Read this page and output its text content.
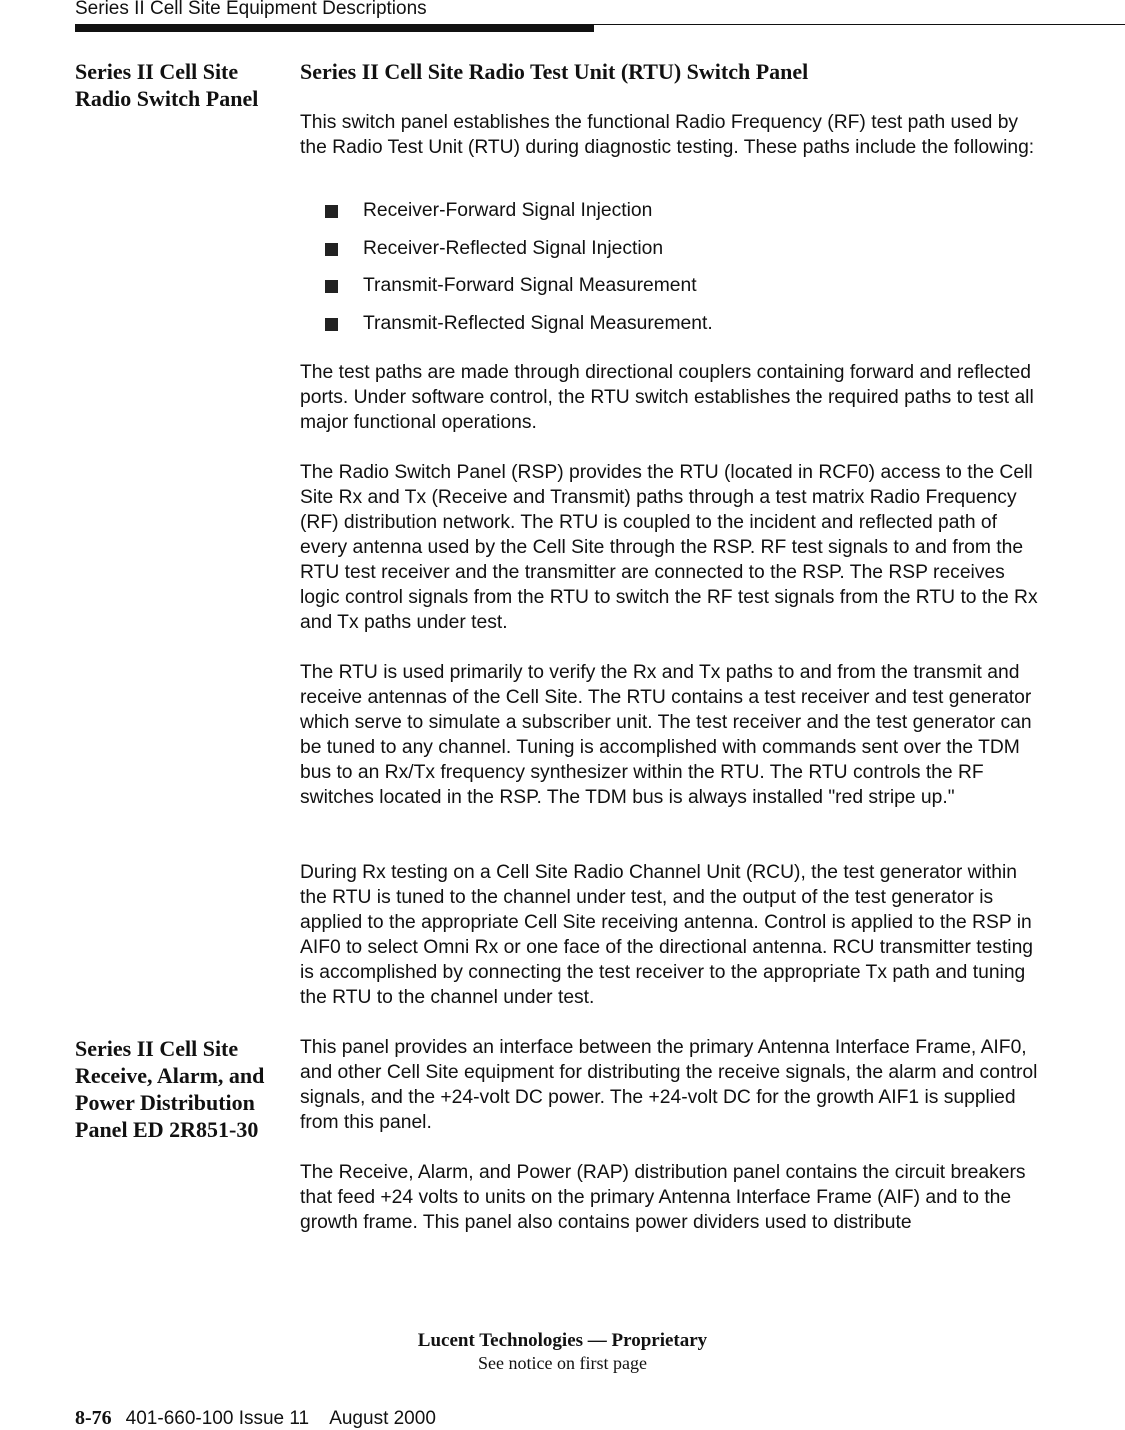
Series II Cell Site Equipment Descriptions
Series II Cell Site Radio Switch Panel
Series II Cell Site Radio Test Unit (RTU) Switch Panel

This switch panel establishes the functional Radio Frequency (RF) test path used by the Radio Test Unit (RTU) during diagnostic testing. These paths include the following:

Receiver-Forward Signal Injection
Receiver-Reflected Signal Injection
Transmit-Forward Signal Measurement
Transmit-Reflected Signal Measurement.

The test paths are made through directional couplers containing forward and reflected ports. Under software control, the RTU switch establishes the required paths to test all major functional operations.

The Radio Switch Panel (RSP) provides the RTU (located in RCF0) access to the Cell Site Rx and Tx (Receive and Transmit) paths through a test matrix Radio Frequency (RF) distribution network. The RTU is coupled to the incident and reflected path of every antenna used by the Cell Site through the RSP. RF test signals to and from the RTU test receiver and the transmitter are connected to the RSP. The RSP receives logic control signals from the RTU to switch the RF test signals from the RTU to the Rx and Tx paths under test.

The RTU is used primarily to verify the Rx and Tx paths to and from the transmit and receive antennas of the Cell Site. The RTU contains a test receiver and test generator which serve to simulate a subscriber unit. The test receiver and the test generator can be tuned to any channel. Tuning is accomplished with commands sent over the TDM bus to an Rx/Tx frequency synthesizer within the RTU. The RTU controls the RF switches located in the RSP. The TDM bus is always installed "red stripe up."

During Rx testing on a Cell Site Radio Channel Unit (RCU), the test generator within the RTU is tuned to the channel under test, and the output of the test generator is applied to the appropriate Cell Site receiving antenna. Control is applied to the RSP in AIF0 to select Omni Rx or one face of the directional antenna. RCU transmitter testing is accomplished by connecting the test receiver to the appropriate Tx path and tuning the RTU to the channel under test.

Series II Cell Site Receive, Alarm, and Power Distribution Panel ED 2R851-30

This panel provides an interface between the primary Antenna Interface Frame, AIF0, and other Cell Site equipment for distributing the receive signals, the alarm and control signals, and the +24-volt DC power. The +24-volt DC for the growth AIF1 is supplied from this panel.

The Receive, Alarm, and Power (RAP) distribution panel contains the circuit breakers that feed +24 volts to units on the primary Antenna Interface Frame (AIF) and to the growth frame. This panel also contains power dividers used to distribute

Lucent Technologies — Proprietary
See notice on first page
8-76 401-660-100 Issue 11    August 2000
